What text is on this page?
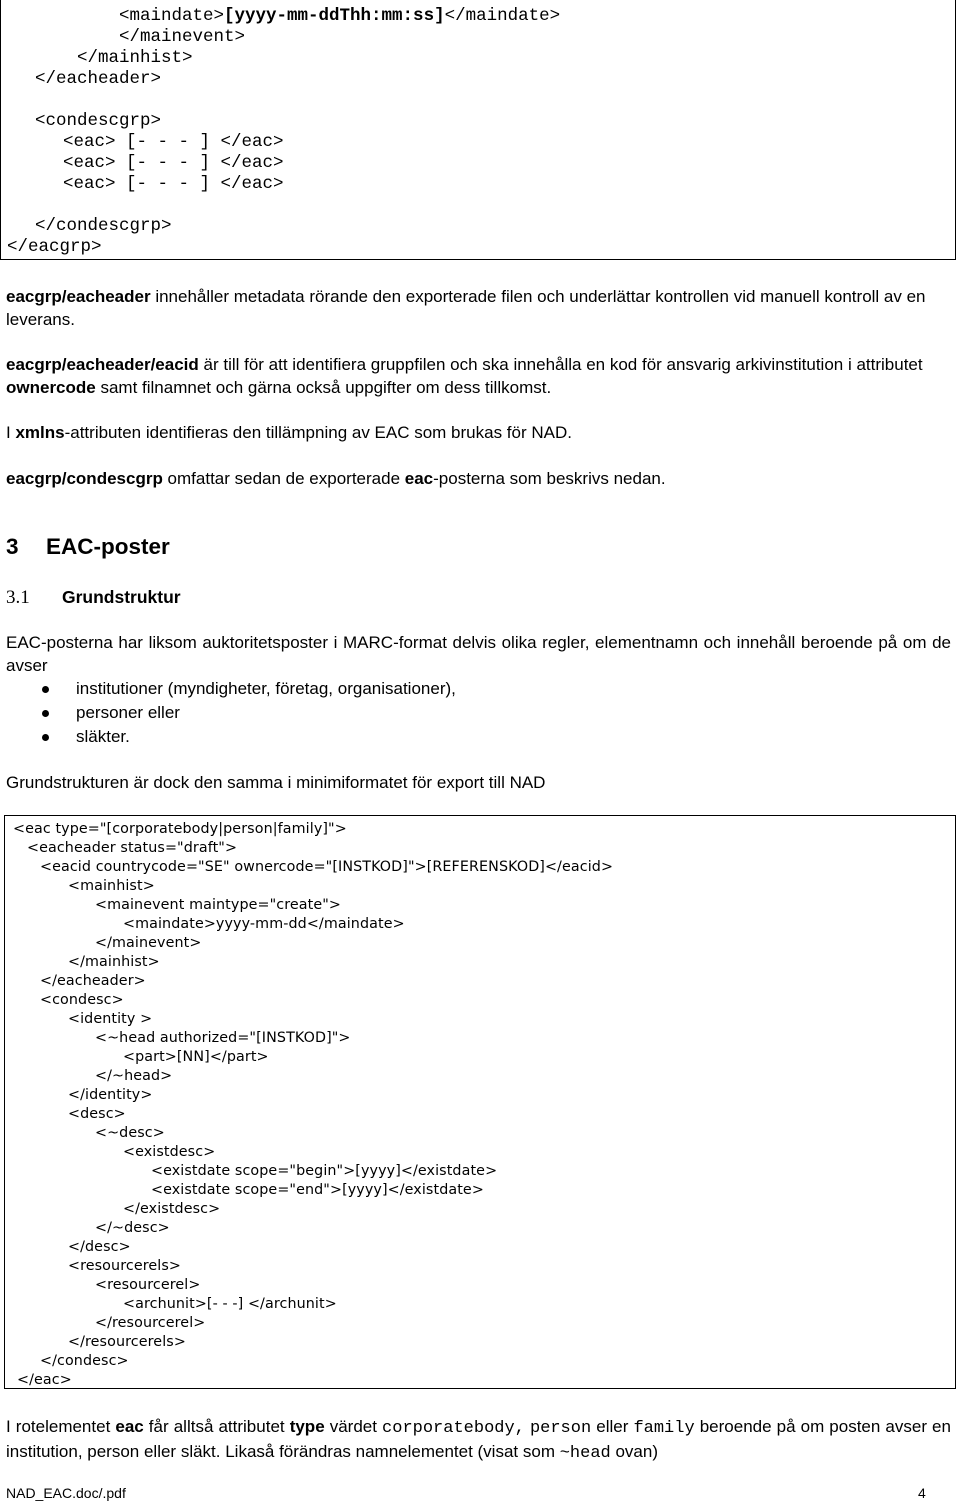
<maindate>[yyyy-mm-ddThh:mm:ss]</maindate>
</mainevent>
</mainhist>
</eacheader>
<condescgrp>
<eac> [- - - ] </eac>
<eac> [- - - ] </eac>
<eac> [- - - ] </eac>
</condescgrp>
</eacgrp>
eacgrp/eacheader innehåller metadata rörande den exporterade filen och underlättar kontrollen vid manuell kontroll av en leverans.
eacgrp/eacheader/eacid är till för att identifiera gruppfilen och ska innehålla en kod för ansvarig arkivinstitution i attributet ownercode samt filnamnet och gärna också uppgifter om dess tillkomst.
I xmlns-attributen identifieras den tillämpning av EAC som brukas för NAD.
eacgrp/condescgrp omfattar sedan de exporterade eac-posterna som beskrivs nedan.
3 EAC-poster
3.1 Grundstruktur
EAC-posterna har liksom auktoritetsposter i MARC-format delvis olika regler, elementnamn och innehåll beroende på om de avser
institutioner (myndigheter, företag, organisationer),
personer eller
släkter.
Grundstrukturen är dock den samma i minimiformatet för export till NAD
<eac type="[corporatebody|person|family]">
<eacheader status="draft">
<eacid countrycode="SE" ownercode="[INSTKOD]">[REFERENSKOD]</eacid>
<mainhist>
<mainevent maintype="create">
<maindate>yyyy-mm-dd</maindate>
</mainevent>
</mainhist>
</eacheader>
<condesc>
<identity >
<~head authorized="[INSTKOD]">
<part>[NN]</part>
</~head>
</identity>
<desc>
<~desc>
<existdesc>
<existdate scope="begin">[yyyy]</existdate>
<existdate scope="end">[yyyy]</existdate>
</existdesc>
</~desc>
</desc>
<resourcerels>
<resourcerel>
<archunit>[- - -] </archunit>
</resourcerel>
</resourcerels>
</condesc>
</eac>
I rotelementet eac får alltså attributet type värdet corporatebody, person eller family beroende på om posten avser en institution, person eller släkt. Likaså förändras namnelementet (visat som ~head ovan)
NAD_EAC.doc/.pdf	4
